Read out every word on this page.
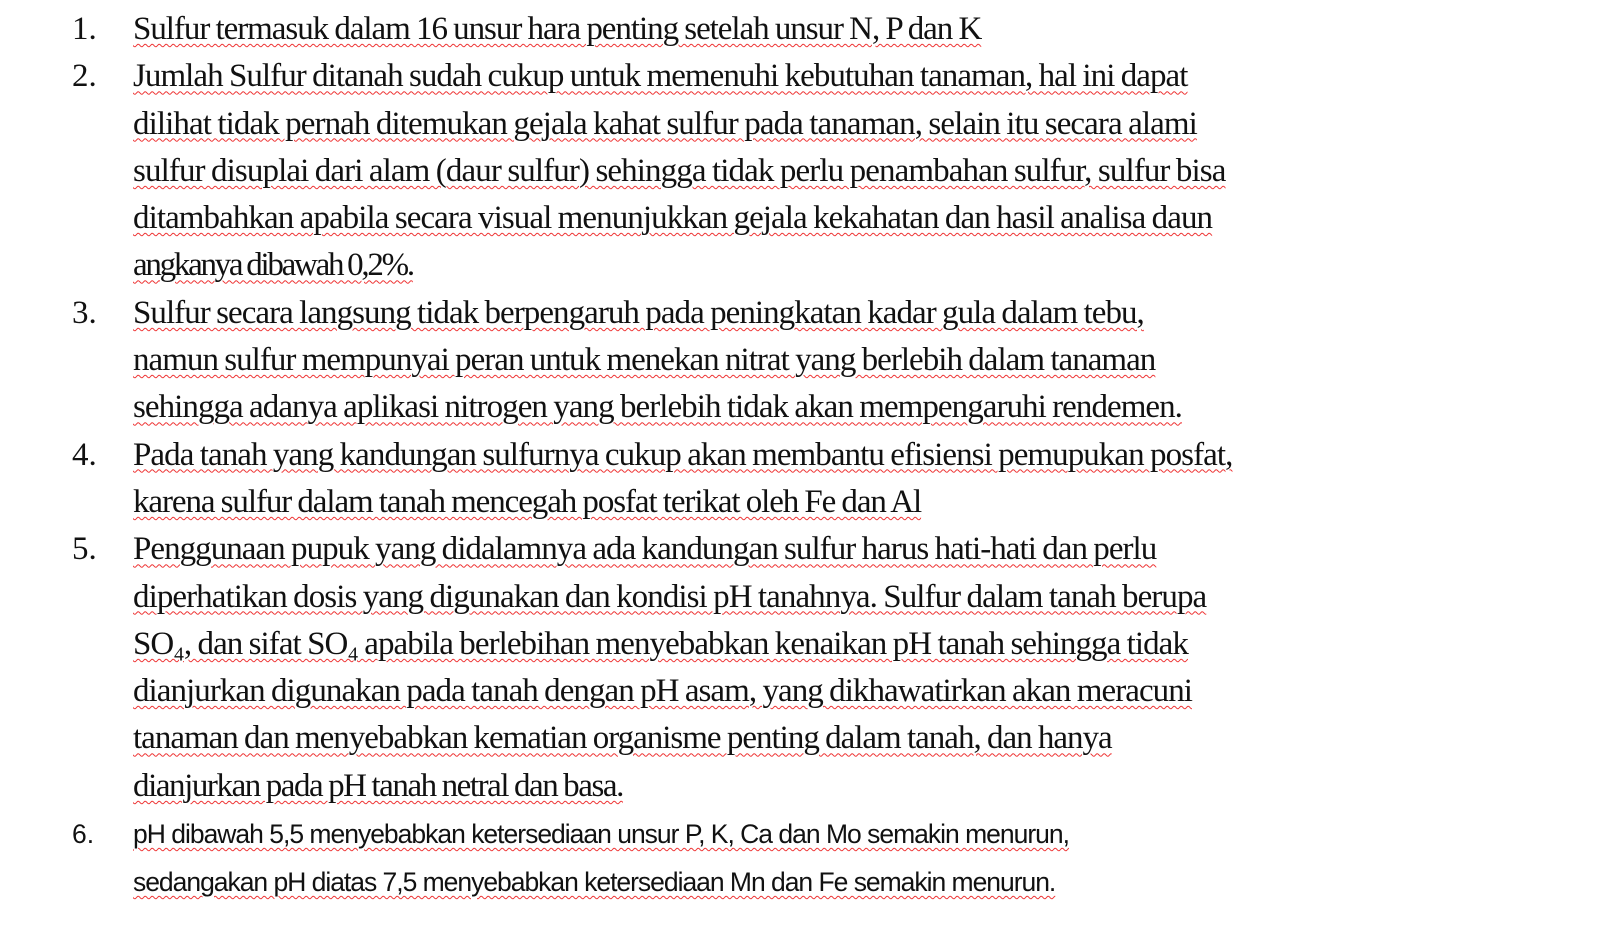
1.	Sulfur termasuk dalam 16 unsur hara penting setelah unsur N, P dan K
2.	Jumlah Sulfur ditanah sudah cukup untuk memenuhi kebutuhan tanaman, hal ini dapat
dilihat tidak pernah ditemukan gejala kahat sulfur pada tanaman, selain itu secara alami
sulfur disuplai dari alam (daur sulfur) sehingga tidak perlu penambahan sulfur, sulfur bisa
ditambahkan apabila secara visual menunjukkan gejala kekahatan dan hasil analisa daun
angkanya dibawah 0,2%.
3.	Sulfur secara langsung tidak berpengaruh pada peningkatan kadar gula dalam tebu,
namun sulfur mempunyai peran untuk menekan nitrat yang berlebih dalam tanaman
sehingga adanya aplikasi nitrogen yang berlebih tidak akan mempengaruhi rendemen.
4.	Pada tanah yang kandungan sulfurnya cukup akan membantu efisiensi pemupukan posfat,
karena sulfur dalam tanah mencegah posfat terikat oleh Fe dan Al
5.	Penggunaan pupuk yang didalamnya ada kandungan sulfur harus hati-hati dan perlu
diperhatikan dosis yang digunakan dan kondisi pH tanahnya. Sulfur dalam tanah berupa
SO₄, dan sifat SO₄ apabila berlebihan menyebabkan kenaikan pH tanah sehingga tidak
dianjurkan digunakan pada tanah dengan pH asam, yang dikhawatirkan akan meracuni
tanaman dan menyebabkan kematian organisme penting dalam tanah, dan hanya
dianjurkan pada pH tanah netral dan basa.
6.	pH dibawah 5,5 menyebabkan ketersediaan unsur P, K, Ca dan Mo semakin menurun,
sedangakan pH diatas 7,5 menyebabkan ketersediaan Mn dan Fe semakin menurun.
